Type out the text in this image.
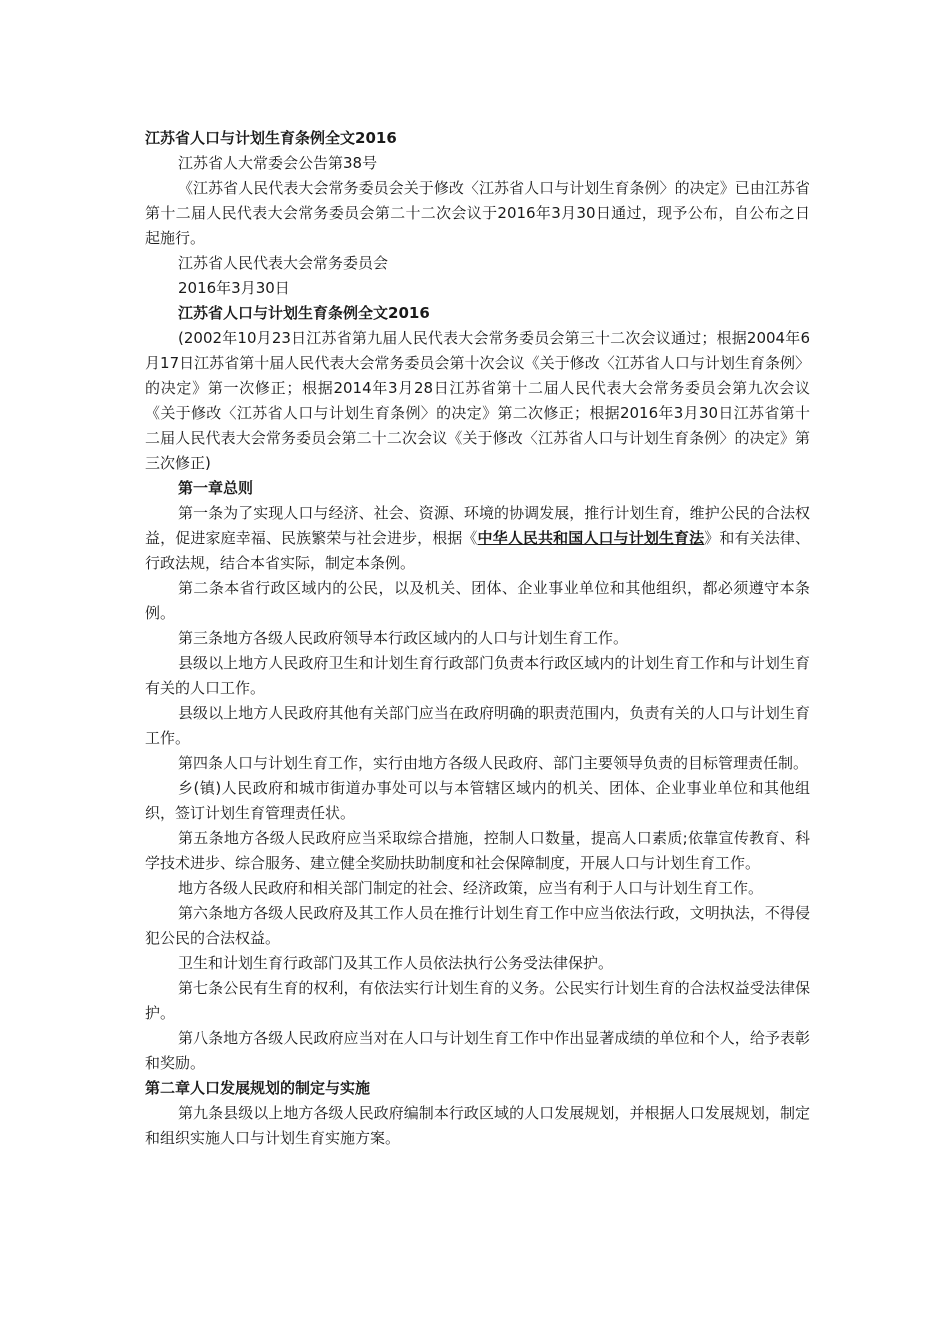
江苏省人口与计划生育条例全文2016

江苏省人大常委会公告第38号

《江苏省人民代表大会常务委员会关于修改〈江苏省人口与计划生育条例〉的决定》已由江苏省第十二届人民代表大会常务委员会第二十二次会议于2016年3月30日通过，现予公布，自公布之日起施行。

江苏省人民代表大会常务委员会

2016年3月30日

江苏省人口与计划生育条例全文2016

(2002年10月23日江苏省第九届人民代表大会常务委员会第三十二次会议通过；根据2004年6月17日江苏省第十届人民代表大会常务委员会第十次会议《关于修改〈江苏省人口与计划生育条例〉的决定》第一次修正；根据2014年3月28日江苏省第十二届人民代表大会常务委员会第九次会议《关于修改〈江苏省人口与计划生育条例〉的决定》第二次修正；根据2016年3月30日江苏省第十二届人民代表大会常务委员会第二十二次会议《关于修改〈江苏省人口与计划生育条例〉的决定》第三次修正)

第一章总则

第一条为了实现人口与经济、社会、资源、环境的协调发展，推行计划生育，维护公民的合法权益，促进家庭幸福、民族繁荣与社会进步，根据《中华人民共和国人口与计划生育法》和有关法律、行政法规，结合本省实际，制定本条例。

第二条本省行政区域内的公民，以及机关、团体、企业事业单位和其他组织，都必须遵守本条例。

第三条地方各级人民政府领导本行政区域内的人口与计划生育工作。

县级以上地方人民政府卫生和计划生育行政部门负责本行政区域内的计划生育工作和与计划生育有关的人口工作。

县级以上地方人民政府其他有关部门应当在政府明确的职责范围内，负责有关的人口与计划生育工作。

第四条人口与计划生育工作，实行由地方各级人民政府、部门主要领导负责的目标管理责任制。

乡(镇)人民政府和城市街道办事处可以与本管辖区域内的机关、团体、企业事业单位和其他组织，签订计划生育管理责任状。

第五条地方各级人民政府应当采取综合措施，控制人口数量，提高人口素质;依靠宣传教育、科学技术进步、综合服务、建立健全奖励扶助制度和社会保障制度，开展人口与计划生育工作。

地方各级人民政府和相关部门制定的社会、经济政策，应当有利于人口与计划生育工作。

第六条地方各级人民政府及其工作人员在推行计划生育工作中应当依法行政，文明执法，不得侵犯公民的合法权益。

卫生和计划生育行政部门及其工作人员依法执行公务受法律保护。

第七条公民有生育的权利，有依法实行计划生育的义务。公民实行计划生育的合法权益受法律保护。

第八条地方各级人民政府应当对在人口与计划生育工作中作出显著成绩的单位和个人，给予表彰和奖励。

第二章人口发展规划的制定与实施

第九条县级以上地方各级人民政府编制本行政区域的人口发展规划，并根据人口发展规划，制定和组织实施人口与计划生育实施方案。
